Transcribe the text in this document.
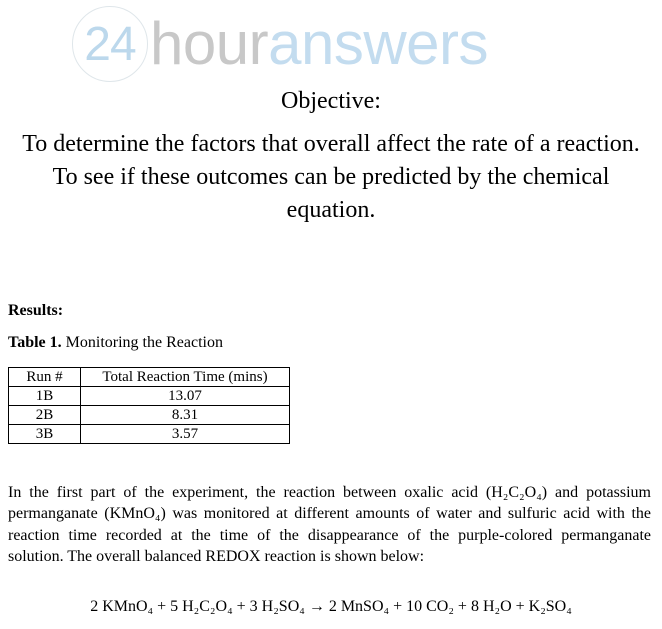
24 houranswers
Objective:
To determine the factors that overall affect the rate of a reaction. To see if these outcomes can be predicted by the chemical equation.
Results:
Table 1. Monitoring the Reaction
Run #	Total Reaction Time (mins)
1B	13.07
2B	8.31
3B	3.57
In the first part of the experiment, the reaction between oxalic acid (H₂C₂O₄) and potassium permanganate (KMnO₄) was monitored at different amounts of water and sulfuric acid with the reaction time recorded at the time of the disappearance of the purple-colored permanganate solution. The overall balanced REDOX reaction is shown below:
2 KMnO₄ + 5 H₂C₂O₄ + 3 H₂SO₄ → 2 MnSO₄ + 10 CO₂ + 8 H₂O + K₂SO₄
